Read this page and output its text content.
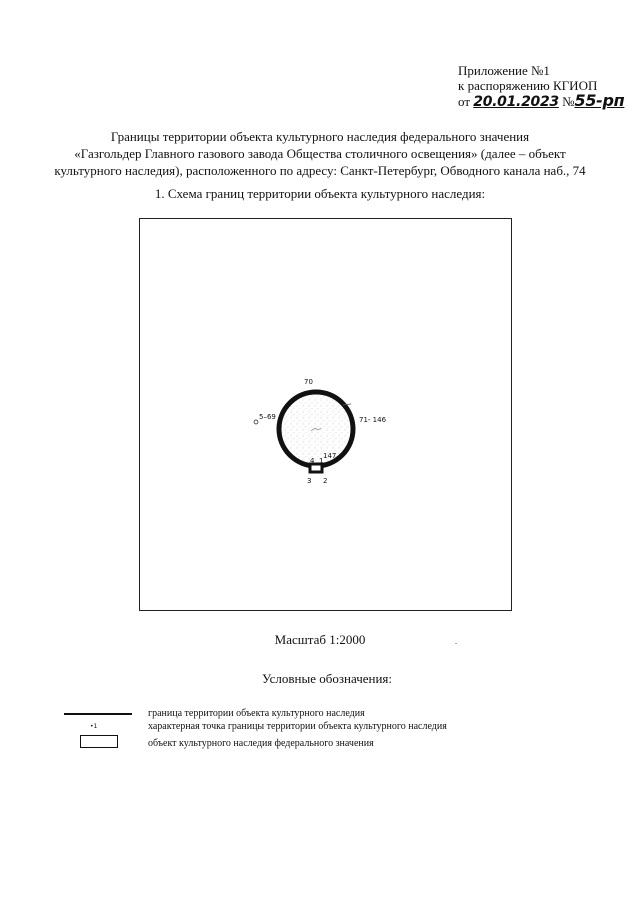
Приложение №1
к распоряжению КГИОП
от 20.01.2023 №55-рп
Границы территории объекта культурного наследия федерального значения
«Газгольдер Главного газового завода Общества столичного освещения» (далее – объект
культурного наследия), расположенного по адресу: Санкт-Петербург, Обводного канала наб., 74
1. Схема границ территории объекта культурного наследия:
70
5–69	71- 146
147
4 1
3 2
Масштаб 1:2000	.
Условные обозначения:
граница территории объекта культурного наследия
•1	характерная точка границы территории объекта культурного наследия
объект культурного наследия федерального значения
